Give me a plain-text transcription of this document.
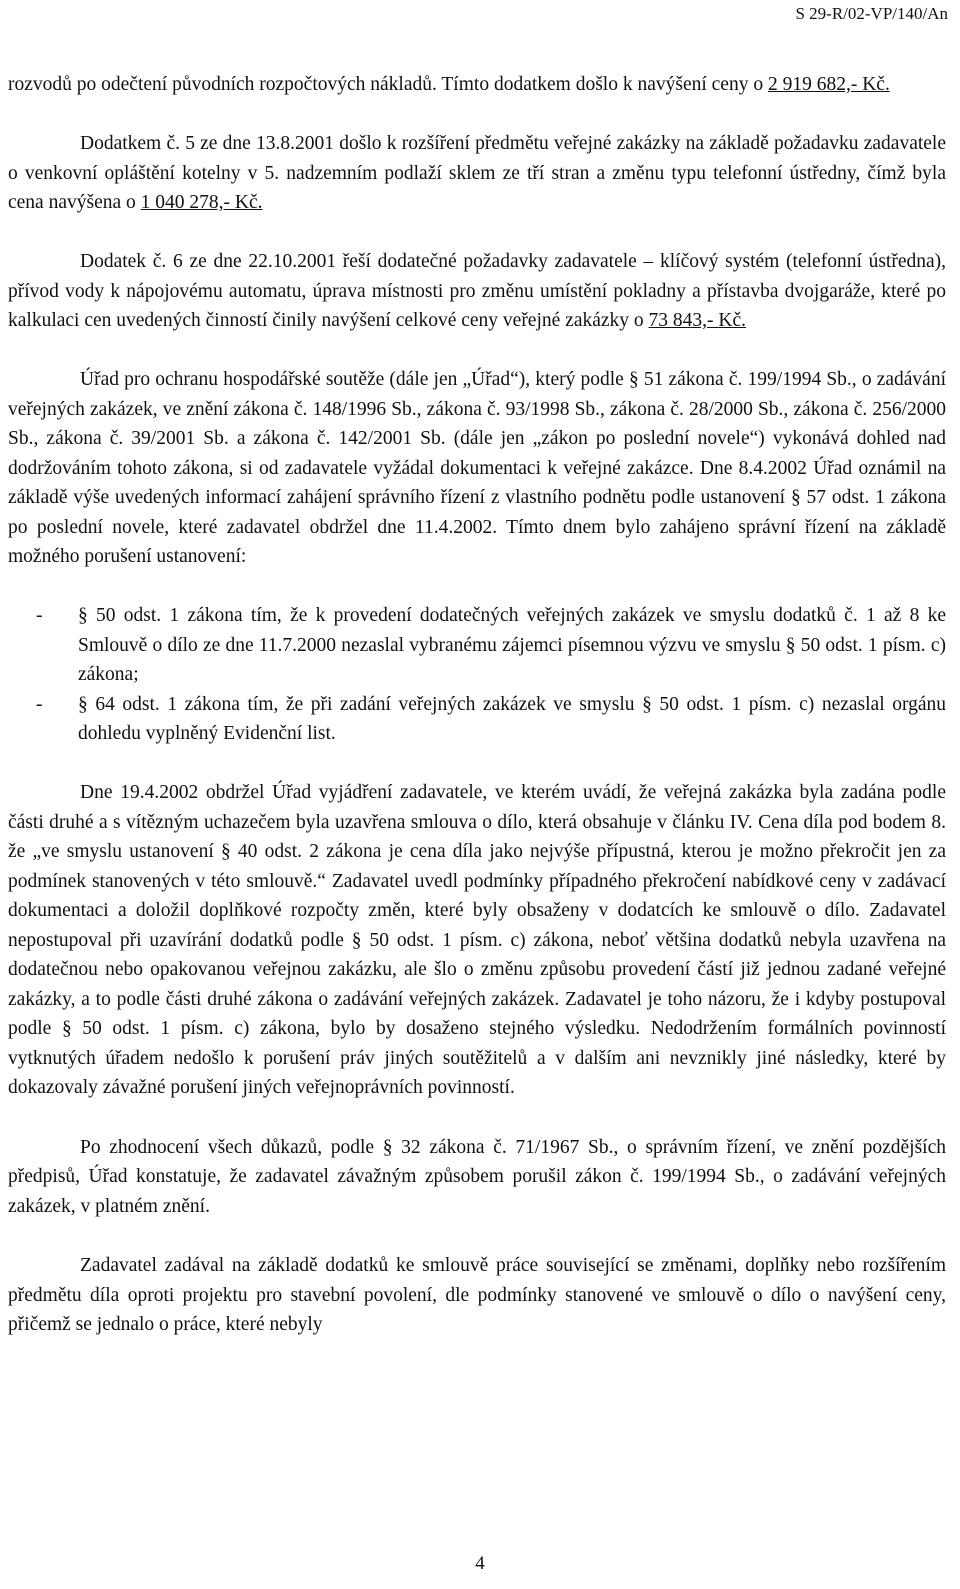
S 29-R/02-VP/140/An

rozvodů po odečtení původních rozpočtových nákladů. Tímto dodatkem došlo k navýšení ceny o 2 919 682,- Kč.

Dodatkem č. 5 ze dne 13.8.2001 došlo k rozšíření předmětu veřejné zakázky na základě požadavku zadavatele o venkovní opláštění kotelny v 5. nadzemním podlaží sklem ze tří stran a změnu typu telefonní ústředny, čímž byla cena navýšena o 1 040 278,- Kč.

Dodatek č. 6 ze dne 22.10.2001 řeší dodatečné požadavky zadavatele – klíčový systém (telefonní ústředna), přívod vody k nápojovému automatu, úprava místnosti pro změnu umístění pokladny a přístavba dvojgaráže, které po kalkulaci cen uvedených činností činily navýšení celkové ceny veřejné zakázky o 73 843,- Kč.

Úřad pro ochranu hospodářské soutěže (dále jen „Úřad“), který podle § 51 zákona č. 199/1994 Sb., o zadávání veřejných zakázek, ve znění zákona č. 148/1996 Sb., zákona č. 93/1998 Sb., zákona č. 28/2000 Sb., zákona č. 256/2000 Sb., zákona č. 39/2001 Sb. a zákona č. 142/2001 Sb. (dále jen „zákon po poslední novele“) vykonává dohled nad dodržováním tohoto zákona, si od zadavatele vyžádal dokumentaci k veřejné zakázce. Dne 8.4.2002 Úřad oznámil na základě výše uvedených informací zahájení správního řízení z vlastního podnětu podle ustanovení § 57 odst. 1 zákona po poslední novele, které zadavatel obdržel dne 11.4.2002. Tímto dnem bylo zahájeno správní řízení na základě možného porušení ustanovení:

- § 50 odst. 1 zákona tím, že k provedení dodatečných veřejných zakázek ve smyslu dodatků č. 1 až 8 ke Smlouvě o dílo ze dne 11.7.2000 nezaslal vybranému zájemci písemnou výzvu ve smyslu § 50 odst. 1 písm. c) zákona;
- § 64 odst. 1 zákona tím, že při zadání veřejných zakázek ve smyslu § 50 odst. 1 písm. c) nezaslal orgánu dohledu vyplněný Evidenční list.

Dne 19.4.2002 obdržel Úřad vyjádření zadavatele, ve kterém uvádí, že veřejná zakázka byla zadána podle části druhé a s vítězným uchazečem byla uzavřena smlouva o dílo, která obsahuje v článku IV. Cena díla pod bodem 8. že „ve smyslu ustanovení § 40 odst. 2 zákona je cena díla jako nejvýše přípustná, kterou je možno překročit jen za podmínek stanovených v této smlouvě.“ Zadavatel uvedl podmínky případného překročení nabídkové ceny v zadávací dokumentaci a doložil doplňkové rozpočty změn, které byly obsaženy v dodatcích ke smlouvě o dílo. Zadavatel nepostupoval při uzavírání dodatků podle § 50 odst. 1 písm. c) zákona, neboť většina dodatků nebyla uzavřena na dodatečnou nebo opakovanou veřejnou zakázku, ale šlo o změnu způsobu provedení částí již jednou zadané veřejné zakázky, a to podle části druhé zákona o zadávání veřejných zakázek. Zadavatel je toho názoru, že i kdyby postupoval podle § 50 odst. 1 písm. c) zákona, bylo by dosaženo stejného výsledku. Nedodržením formálních povinností vytknutých úřadem nedošlo k porušení práv jiných soutěžitelů a v dalším ani nevznikly jiné následky, které by dokazovaly závažné porušení jiných veřejnoprávních povinností.

Po zhodnocení všech důkazů, podle § 32 zákona č. 71/1967 Sb., o správním řízení, ve znění pozdějších předpisů, Úřad konstatuje, že zadavatel závažným způsobem porušil zákon č. 199/1994 Sb., o zadávání veřejných zakázek, v platném znění.

Zadavatel zadával na základě dodatků ke smlouvě práce související se změnami, doplňky nebo rozšířením předmětu díla oproti projektu pro stavební povolení, dle podmínky stanovené ve smlouvě o dílo o navýšení ceny, přičemž se jednalo o práce, které nebyly

4
